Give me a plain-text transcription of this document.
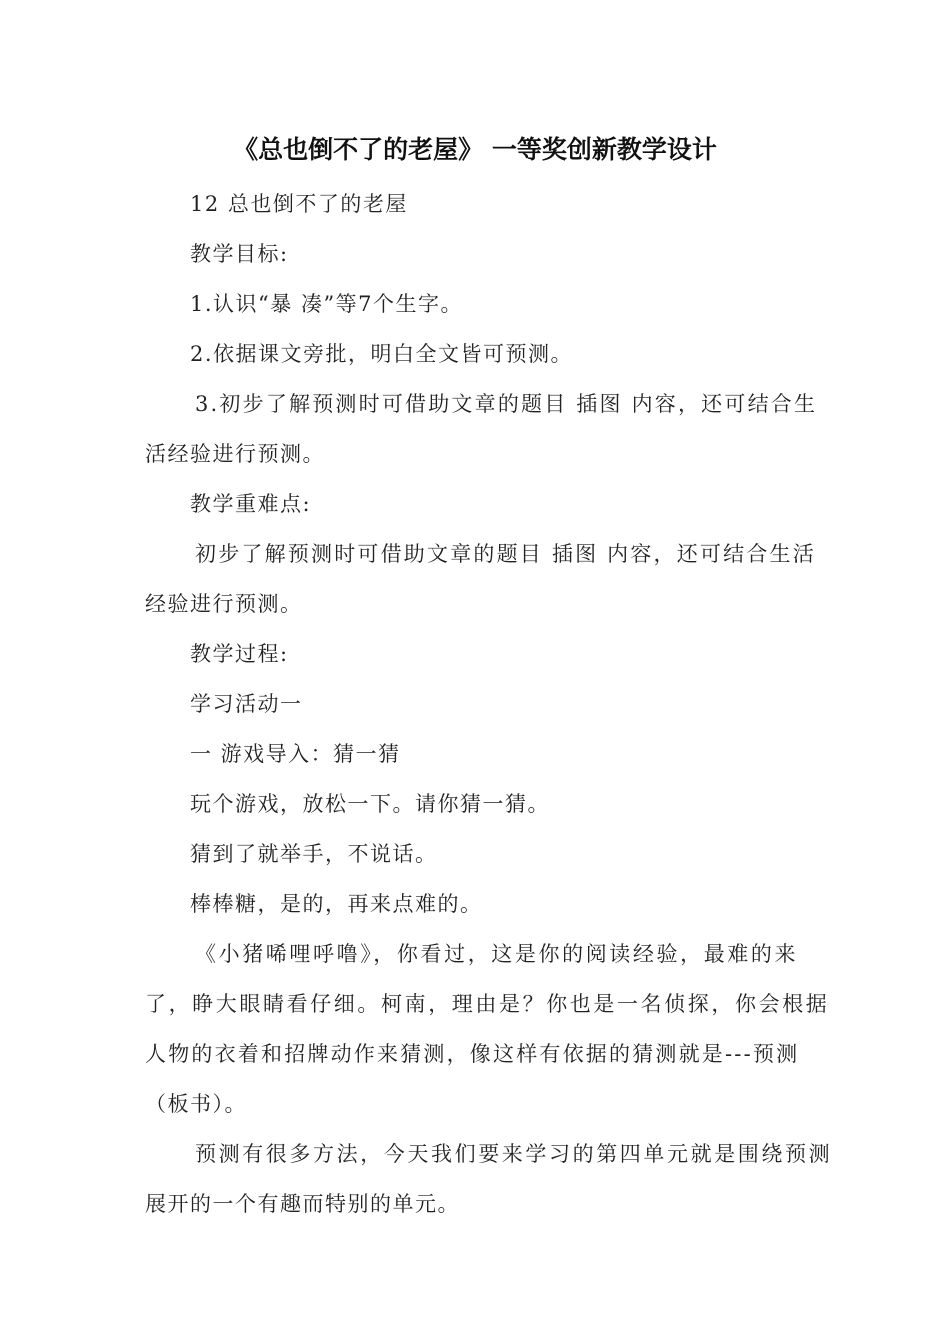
《总也倒不了的老屋》 一等奖创新教学设计
12 总也倒不了的老屋
教学目标:
1.认识“暴 凑”等7个生字。
2.依据课文旁批，明白全文皆可预测。
3.初步了解预测时可借助文章的题目 插图 内容，还可结合生
活经验进行预测。
教学重难点:
初步了解预测时可借助文章的题目 插图 内容，还可结合生活
经验进行预测。
教学过程:
学习活动一
一 游戏导入：猜一猜
玩个游戏，放松一下。请你猜一猜。
猜到了就举手，不说话。
棒棒糖，是的，再来点难的。
《小猪唏哩呼噜》，你看过，这是你的阅读经验，最难的来
了，睁大眼睛看仔细。柯南，理由是？你也是一名侦探，你会根据
人物的衣着和招牌动作来猜测，像这样有依据的猜测就是---预测
（板书）。
预测有很多方法，今天我们要来学习的第四单元就是围绕预测
展开的一个有趣而特别的单元。
